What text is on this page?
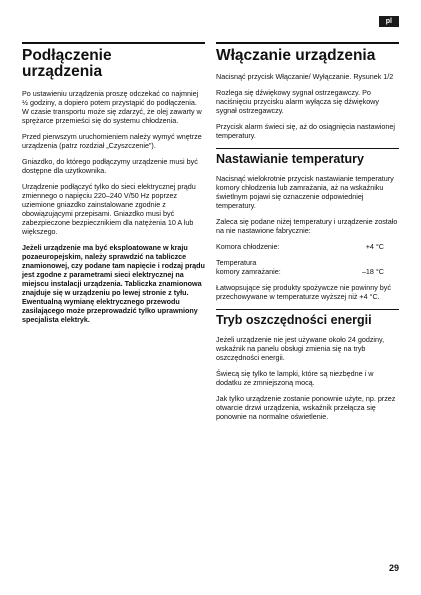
pl
Podłączenie
urządzenia

Po ustawieniu urządzenia proszę odczekać co najmniej ½ godziny, a dopiero potem przystąpić do podłączenia. W czasie transportu może się zdarzyć, że olej zawarty w sprężarce przemieści się do systemu chłodzenia.

Przed pierwszym uruchomieniem należy wymyć wnętrze urządzenia (patrz rozdział „Czyszczenie”).

Gniazdko, do którego podłączymy urządzenie musi być dostępne dla użytkownika.

Urządzenie podłączyć tylko do sieci elektrycznej prądu zmiennego o napięciu 220–240 V/50 Hz poprzez uziemione gniazdko zainstalowane zgodnie z obowiązującymi przepisami. Gniazdko musi być zabezpieczone bezpiecznikiem dla natężenia 10 A lub większego.

Jeżeli urządzenie ma być eksploatowane w kraju pozaeuropejskim, należy sprawdzić na tabliczce znamionowej, czy podane tam napięcie i rodzaj prądu jest zgodne z parametrami sieci elektrycznej na miejscu instalacji urządzenia. Tabliczka znamionowa znajduje się w urządzeniu po lewej stronie z tyłu. Ewentualną wymianę elektrycznego przewodu zasilającego może przeprowadzić tylko uprawniony specjalista elektryk.

Włączanie urządzenia

Nacisnąć przycisk Włączanie/ Wyłączanie. Rysunek 1/2

Rozlega się dźwiękowy sygnał ostrzegawczy. Po naciśnięciu przycisku alarm wyłącza się dźwiękowy sygnał ostrzegawczy.

Przycisk alarm świeci się, aż do osiągnięcia nastawionej temperatury.

Nastawianie temperatury

Nacisnąć wielokrotnie przycisk nastawianie temperatury komory chłodzenia lub zamrażania, aż na wskaźniku świetlnym pojawi się oznaczenie odpowiedniej temperatury.

Zaleca się podane niżej temperatury i urządzenie zostało na nie nastawione fabrycznie:

Komora chłodzenie:	+4 °C
Temperatura
komory zamrażanie:	–18 °C

Łatwopsujące się produkty spożywcze nie powinny być przechowywane w temperaturze wyższej niż +4 °C.

Tryb oszczędności energii

Jeżeli urządzenie nie jest używane około 24 godziny, wskaźnik na panelu obsługi zmienia się na tryb oszczędności energii.

Świecą się tylko te lampki, które są niezbędne i w dodatku ze zmniejszoną mocą.

Jak tylko urządzenie zostanie ponownie użyte, np. przez otwarcie drzwi urządzenia, wskaźnik przełącza się ponownie na normalne oświetlenie.

29
